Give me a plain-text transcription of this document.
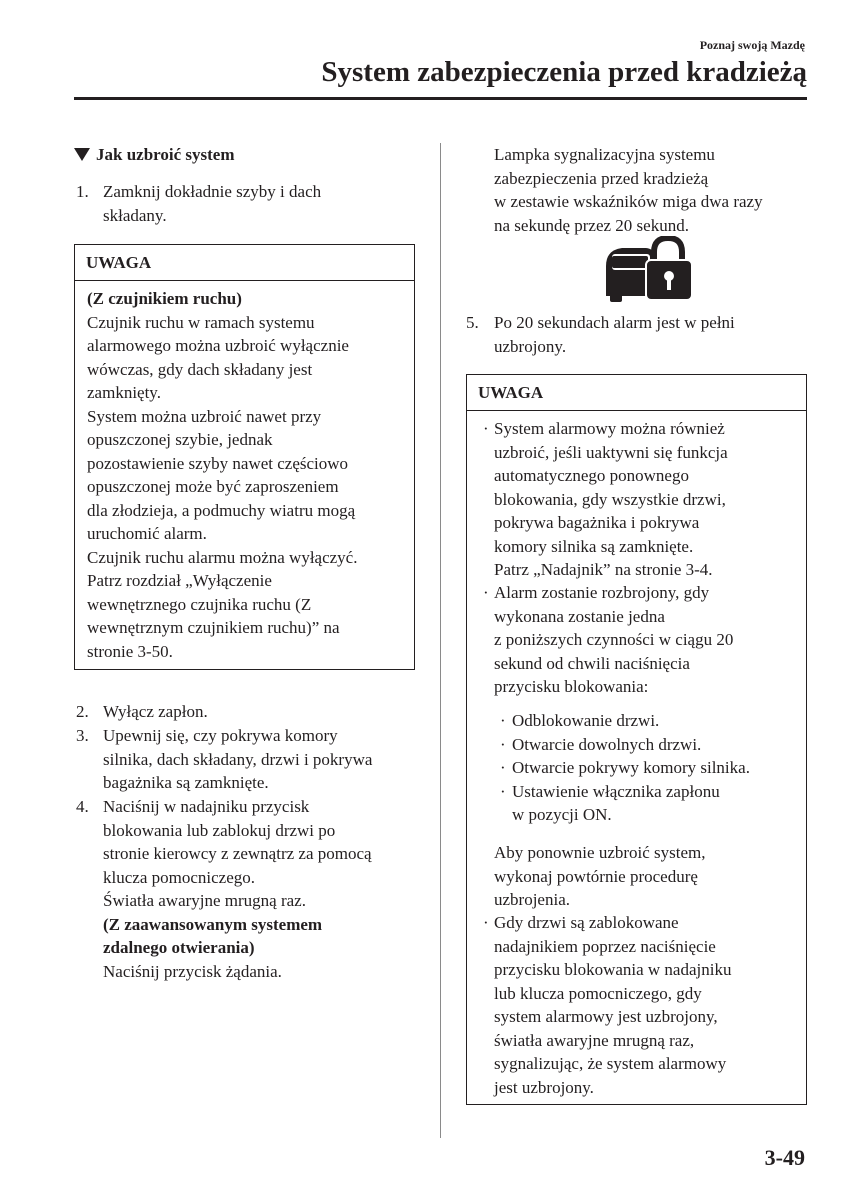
Poznaj swoją Mazdę
System zabezpieczenia przed kradzieżą
Jak uzbroić system
1. Zamknij dokładnie szyby i dach
składany.
UWAGA
(Z czujnikiem ruchu)
Czujnik ruchu w ramach systemu
alarmowego można uzbroić wyłącznie
wówczas, gdy dach składany jest
zamknięty.
System można uzbroić nawet przy
opuszczonej szybie, jednak
pozostawienie szyby nawet częściowo
opuszczonej może być zaproszeniem
dla złodzieja, a podmuchy wiatru mogą
uruchomić alarm.
Czujnik ruchu alarmu można wyłączyć.
Patrz rozdział „Wyłączenie
wewnętrznego czujnika ruchu (Z
wewnętrznym czujnikiem ruchu)” na
stronie 3-50.
2. Wyłącz zapłon.
3. Upewnij się, czy pokrywa komory
silnika, dach składany, drzwi i pokrywa
bagażnika są zamknięte.
4. Naciśnij w nadajniku przycisk
blokowania lub zablokuj drzwi po
stronie kierowcy z zewnątrz za pomocą
klucza pomocniczego.
Światła awaryjne mrugną raz.
(Z zaawansowanym systemem
zdalnego otwierania)
Naciśnij przycisk żądania.
Lampka sygnalizacyjna systemu
zabezpieczenia przed kradzieżą
w zestawie wskaźników miga dwa razy
na sekundę przez 20 sekund.
5. Po 20 sekundach alarm jest w pełni
uzbrojony.
UWAGA
· System alarmowy można również
uzbroić, jeśli uaktywni się funkcja
automatycznego ponownego
blokowania, gdy wszystkie drzwi,
pokrywa bagażnika i pokrywa
komory silnika są zamknięte.
Patrz „Nadajnik” na stronie 3-4.
· Alarm zostanie rozbrojony, gdy
wykonana zostanie jedna
z poniższych czynności w ciągu 20
sekund od chwili naciśnięcia
przycisku blokowania:
· Odblokowanie drzwi.
· Otwarcie dowolnych drzwi.
· Otwarcie pokrywy komory silnika.
· Ustawienie włącznika zapłonu
w pozycji ON.
Aby ponownie uzbroić system,
wykonaj powtórnie procedurę
uzbrojenia.
· Gdy drzwi są zablokowane
nadajnikiem poprzez naciśnięcie
przycisku blokowania w nadajniku
lub klucza pomocniczego, gdy
system alarmowy jest uzbrojony,
światła awaryjne mrugną raz,
sygnalizując, że system alarmowy
jest uzbrojony.
3-49
